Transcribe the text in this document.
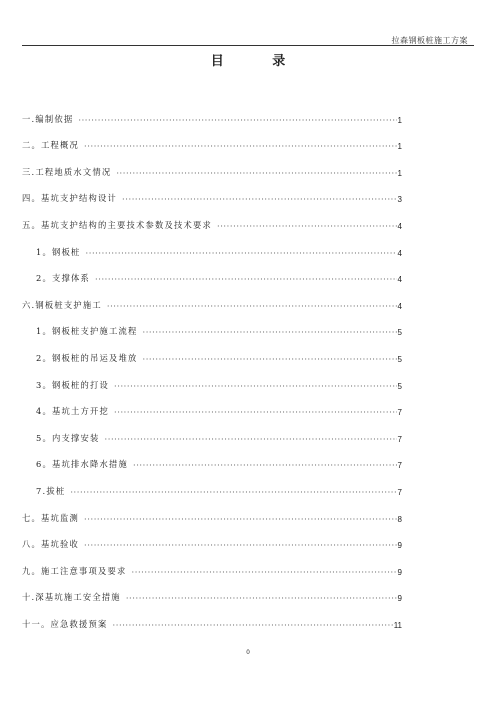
拉森钢板桩施工方案
目 录
一.编制依据 ·····	1
二。工程概况 ·····	1
三.工程地质水文情况 ·····	1
四。基坑支护结构设计 ·····	3
五。基坑支护结构的主要技术参数及技术要求 ·····	4
1。钢板桩 ·····	4
2。支撑体系 ·····	4
六.钢板桩支护施工 ·····	4
1。钢板桩支护施工流程 ·····	5
2。钢板桩的吊运及堆放 ·····	5
3。钢板桩的打设 ·····	5
4。基坑土方开挖 ·····	7
5。内支撑安装 ·····	7
6。基坑排水降水措施 ·····	7
7.拔桩 ·····	7
七。基坑监测 ·····	8
八。基坑验收 ·····	9
九。施工注意事项及要求 ·····	9
十.深基坑施工安全措施 ·····	9
十一。应急救援预案 ·····	11
0
